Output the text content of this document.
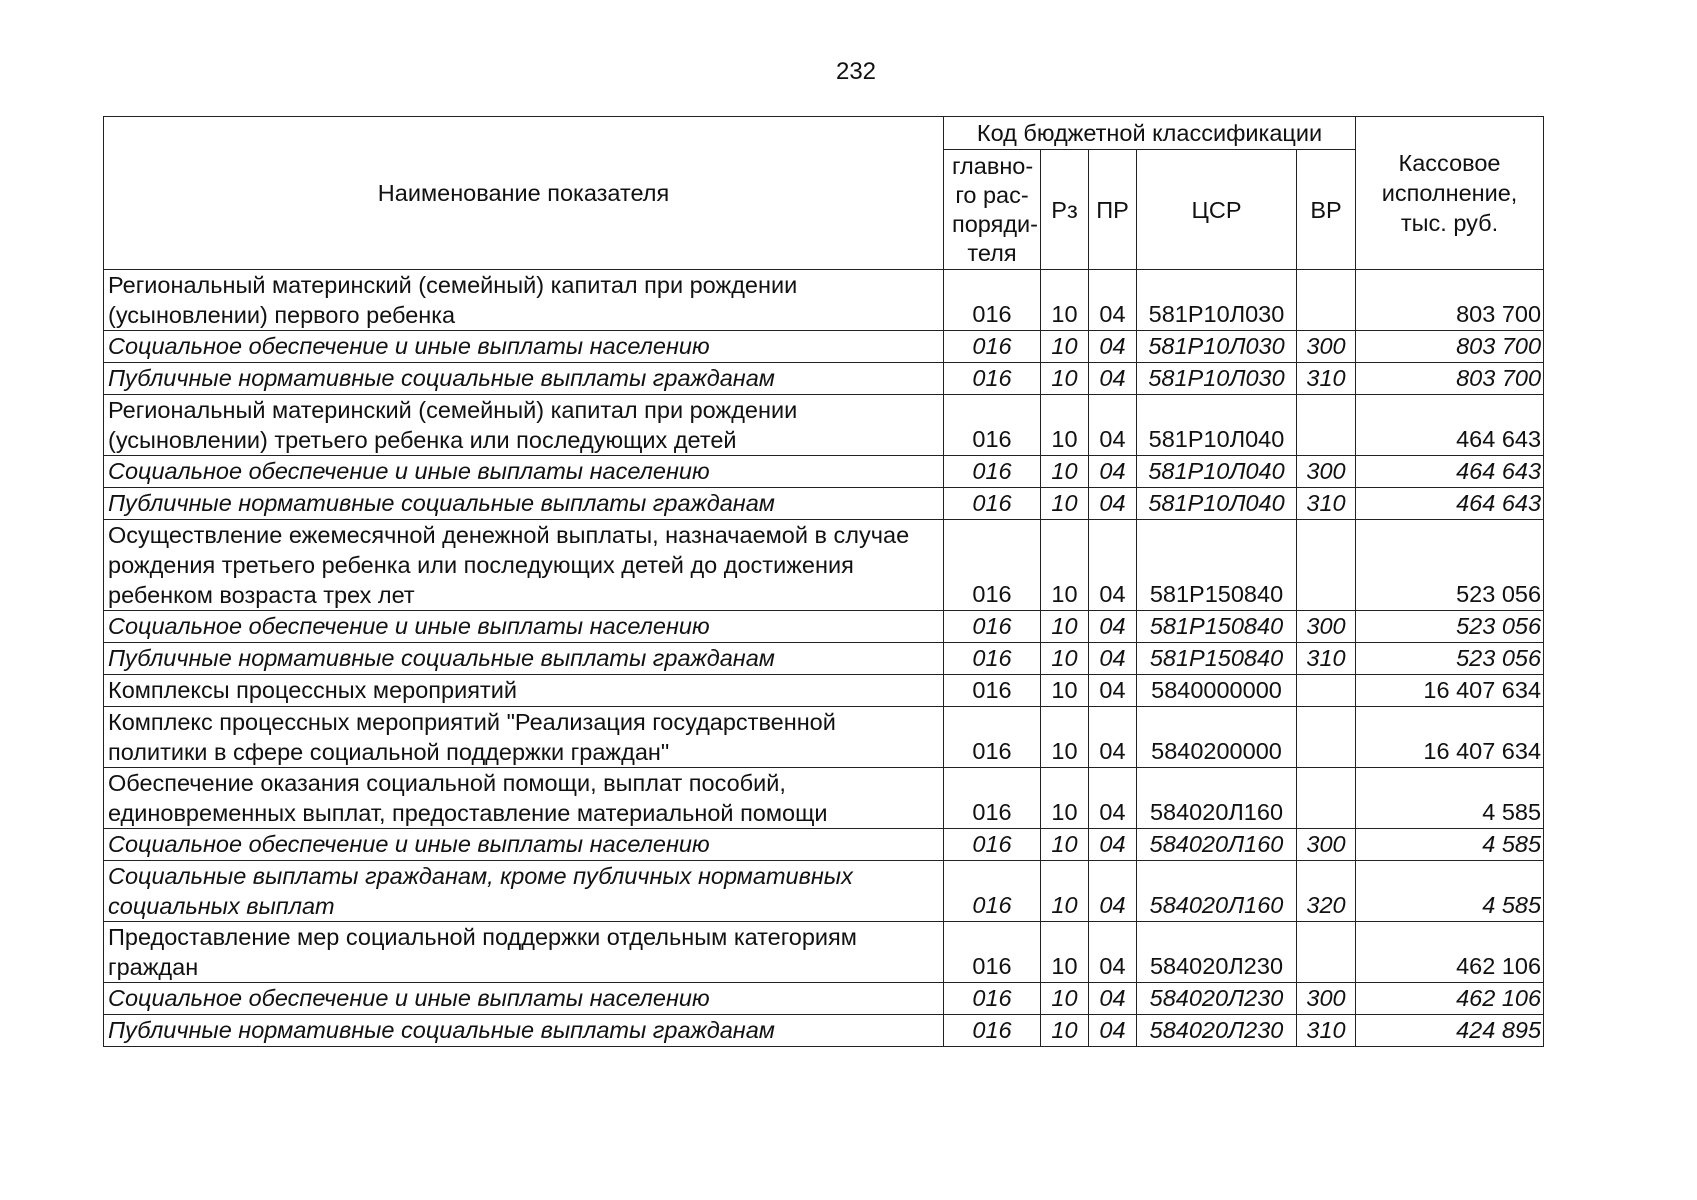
232
Наименование показателя	Код бюджетной классификации					Кассовое исполнение, тыс. руб.
	главно-го рас-поряди-теля	Рз	ПР	ЦСР	ВР	
Региональный материнский (семейный) капитал при рождении (усыновлении) первого ребенка	016	10	04	581Р10Л030		803 700
Социальное обеспечение и иные выплаты населению	016	10	04	581Р10Л030	300	803 700
Публичные нормативные социальные выплаты гражданам	016	10	04	581Р10Л030	310	803 700
Региональный материнский (семейный) капитал при рождении (усыновлении) третьего ребенка или последующих детей	016	10	04	581Р10Л040		464 643
Социальное обеспечение и иные выплаты населению	016	10	04	581Р10Л040	300	464 643
Публичные нормативные социальные выплаты гражданам	016	10	04	581Р10Л040	310	464 643
Осуществление ежемесячной денежной выплаты, назначаемой в случае рождения третьего ребенка или последующих детей до достижения ребенком возраста трех лет	016	10	04	581Р150840		523 056
Социальное обеспечение и иные выплаты населению	016	10	04	581Р150840	300	523 056
Публичные нормативные социальные выплаты гражданам	016	10	04	581Р150840	310	523 056
Комплексы процессных мероприятий	016	10	04	5840000000		16 407 634
Комплекс процессных мероприятий "Реализация государственной политики в сфере социальной поддержки граждан"	016	10	04	5840200000		16 407 634
Обеспечение оказания социальной помощи, выплат пособий, единовременных выплат, предоставление материальной помощи	016	10	04	584020Л160		4 585
Социальное обеспечение и иные выплаты населению	016	10	04	584020Л160	300	4 585
Социальные выплаты гражданам, кроме публичных нормативных социальных выплат	016	10	04	584020Л160	320	4 585
Предоставление мер социальной поддержки отдельным категориям граждан	016	10	04	584020Л230		462 106
Социальное обеспечение и иные выплаты населению	016	10	04	584020Л230	300	462 106
Публичные нормативные социальные выплаты гражданам	016	10	04	584020Л230	310	424 895
